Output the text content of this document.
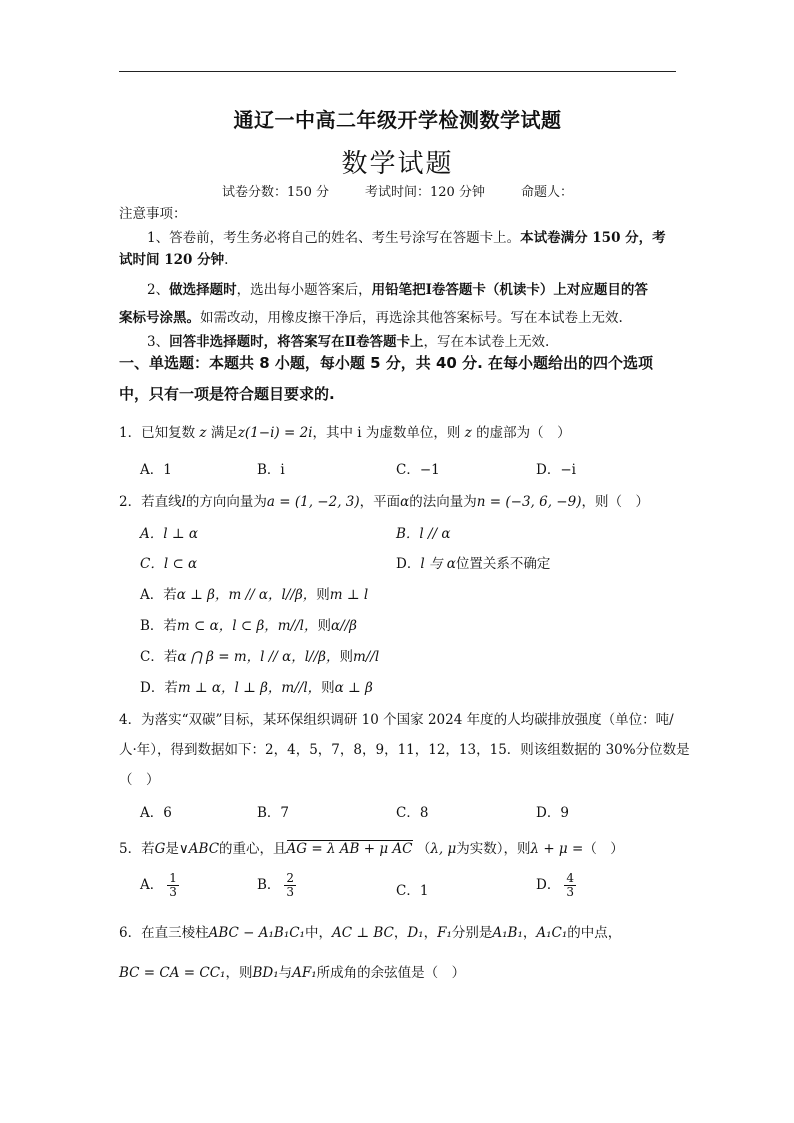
通辽一中高二年级开学检测数学试题
数学试题
试卷分数：150 分	考试时间：120 分钟	命题人：
注意事项：
1、答卷前，考生务必将自己的姓名、考生号涂写在答题卡上。本试卷满分 150 分，考
试时间 120 分钟.
2、做选择题时，选出每小题答案后，用铅笔把Ⅰ卷答题卡（机读卡）上对应题目的答
案标号涂黑。如需改动，用橡皮擦干净后，再选涂其他答案标号。写在本试卷上无效.
3、回答非选择题时，将答案写在Ⅱ卷答题卡上，写在本试卷上无效.
一、单选题：本题共 8 小题，每小题 5 分，共 40 分. 在每小题给出的四个选项
中，只有一项是符合题目要求的.
1．已知复数 z 满足z(1−i) = 2i，其中 i 为虚数单位，则 z 的虚部为（　）
A．1	B．i	C．−1	D．−i
2．若直线l的方向向量为a = (1, −2, 3)，平面α的法向量为n = (−3, 6, −9)，则（　）
A．l ⊥ α	B．l // α
C．l ⊂ α	D．l 与 α位置关系不确定
A．若α ⊥ β，m // α，l//β，则m ⊥ l
B．若m ⊂ α，l ⊂ β，m//l，则α//β
C．若α ⋂ β = m，l // α，l//β，则m//l
D．若m ⊥ α，l ⊥ β，m//l，则α ⊥ β
4．为落实“双碳”目标，某环保组织调研 10 个国家 2024 年度的人均碳排放强度（单位：吨/
人·年），得到数据如下：2，4，5，7，8，9，11，12，13，15．则该组数据的 30%分位数是
（　）
A．6	B．7	C．8	D．9
5．若G是∨ABC的重心，且AG = λ AB + μ AC （λ, μ为实数），则λ + μ =（　）
A． $\frac{1}{3}$	B． $\frac{2}{3}$	C．1	D． $\frac{4}{3}$
6．在直三棱柱ABC − A₁B₁C₁中，AC ⊥ BC，D₁，F₁分别是A₁B₁，A₁C₁的中点，
BC = CA = CC₁，则BD₁与AF₁所成角的余弦值是（　）
